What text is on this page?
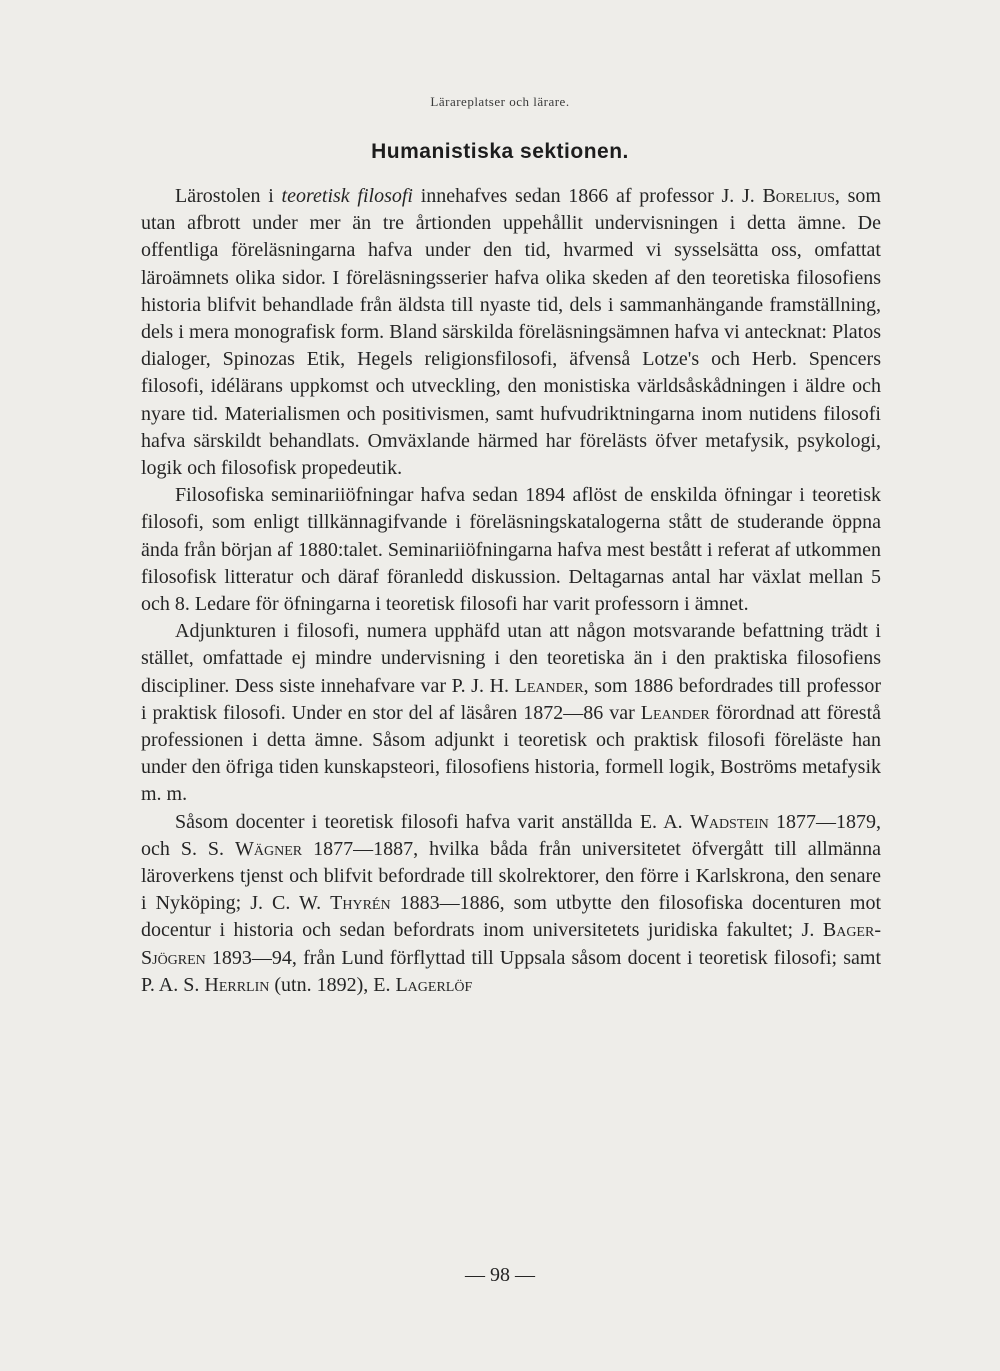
Lärareplatser och lärare.
Humanistiska sektionen.

Lärostolen i teoretisk filosofi innehafves sedan 1866 af professor J. J. Borelius, som utan afbrott under mer än tre årtionden uppehållit undervisningen i detta ämne. De offentliga föreläsningarna hafva under den tid, hvarmed vi sysselsätta oss, omfattat läroämnets olika sidor. I föreläsningsserier hafva olika skeden af den teoretiska filosofiens historia blifvit behandlade från äldsta till nyaste tid, dels i sammanhängande framställning, dels i mera monografisk form. Bland särskilda föreläsningsämnen hafva vi antecknat: Platos dialoger, Spinozas Etik, Hegels religionsfilosofi, äfvenså Lotze's och Herb. Spencers filosofi, idélärans uppkomst och utveckling, den monistiska världsåskådningen i äldre och nyare tid. Materialismen och positivismen, samt hufvudriktningarna inom nutidens filosofi hafva särskildt behandlats. Omväxlande härmed har förelästs öfver metafysik, psykologi, logik och filosofisk propedeutik.

Filosofiska seminariiöfningar hafva sedan 1894 aflöst de enskilda öfningar i teoretisk filosofi, som enligt tillkännagifvande i föreläsningskatalogerna stått de studerande öppna ända från början af 1880:talet. Seminariiöfningarna hafva mest bestått i referat af utkommen filosofisk litteratur och däraf föranledd diskussion. Deltagarnas antal har växlat mellan 5 och 8. Ledare för öfningarna i teoretisk filosofi har varit professorn i ämnet.

Adjunkturen i filosofi, numera upphäfd utan att någon motsvarande befattning trädt i stället, omfattade ej mindre undervisning i den teoretiska än i den praktiska filosofiens discipliner. Dess siste innehafvare var P. J. H. Leander, som 1886 befordrades till professor i praktisk filosofi. Under en stor del af läsåren 1872—86 var Leander förordnad att förestå professionen i detta ämne. Såsom adjunkt i teoretisk och praktisk filosofi föreläste han under den öfriga tiden kunskapsteori, filosofiens historia, formell logik, Boströms metafysik m. m.

Såsom docenter i teoretisk filosofi hafva varit anställda E. A. Wadstein 1877—1879, och S. S. Wägner 1877—1887, hvilka båda från universitetet öfvergått till allmänna läroverkens tjenst och blifvit befordrade till skolrektorer, den förre i Karlskrona, den senare i Nyköping; J. C. W. Thyrén 1883—1886, som utbytte den filosofiska docenturen mot docentur i historia och sedan befordrats inom universitetets juridiska fakultet; J. Bager-Sjögren 1893—94, från Lund förflyttad till Uppsala såsom docent i teoretisk filosofi; samt P. A. S. Herrlin (utn. 1892), E. Lagerlöf

— 98 —
